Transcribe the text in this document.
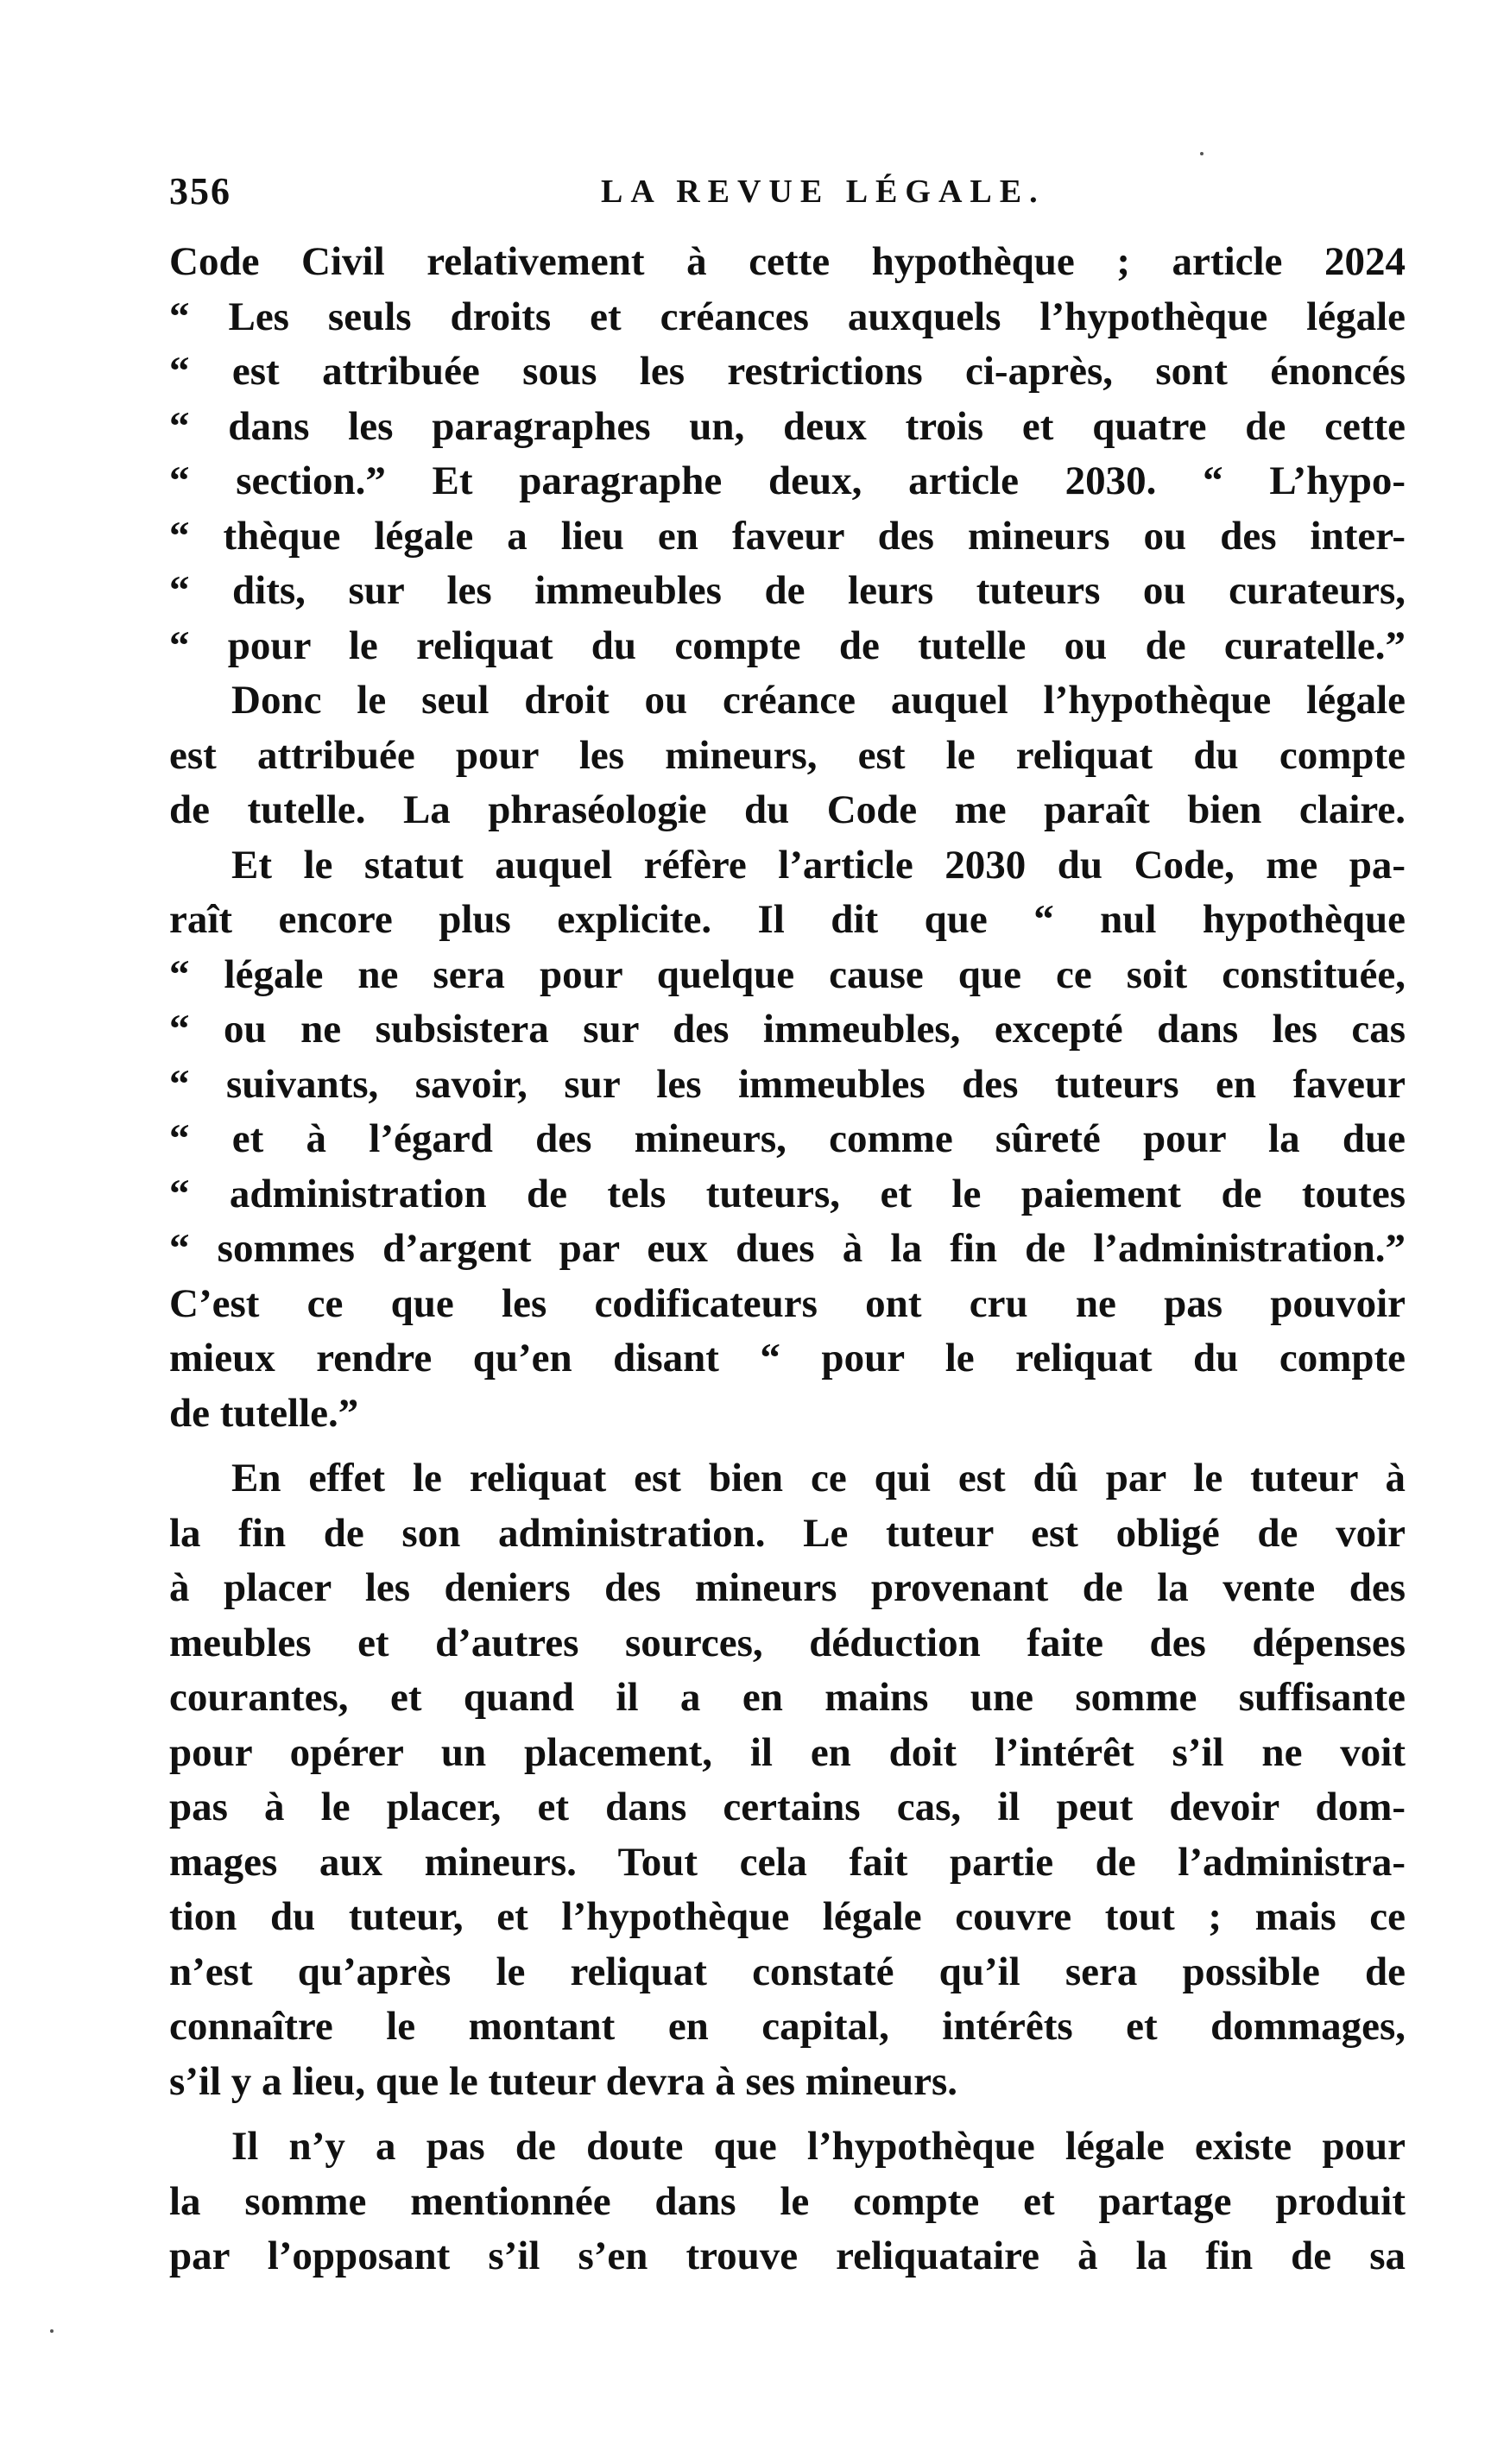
356	LA REVUE LÉGALE.
Code Civil relativement à cette hypothèque ; article 2024
“ Les seuls droits et créances auxquels l’hypothèque légale
“ est attribuée sous les restrictions ci-après, sont énoncés
“ dans les paragraphes un, deux trois et quatre de cette
“ section.” Et paragraphe deux, article 2030. “ L’hypo-
“ thèque légale a lieu en faveur des mineurs ou des inter-
“ dits, sur les immeubles de leurs tuteurs ou curateurs,
“ pour le reliquat du compte de tutelle ou de curatelle.”
Donc le seul droit ou créance auquel l’hypothèque légale
est attribuée pour les mineurs, est le reliquat du compte
de tutelle. La phraséologie du Code me paraît bien claire.
Et le statut auquel réfère l’article 2030 du Code, me pa-
raît encore plus explicite. Il dit que “ nul hypothèque
“ légale ne sera pour quelque cause que ce soit constituée,
“ ou ne subsistera sur des immeubles, excepté dans les cas
“ suivants, savoir, sur les immeubles des tuteurs en faveur
“ et à l’égard des mineurs, comme sûreté pour la due
“ administration de tels tuteurs, et le paiement de toutes
“ sommes d’argent par eux dues à la fin de l’administration.”
C’est ce que les codificateurs ont cru ne pas pouvoir
mieux rendre qu’en disant “ pour le reliquat du compte
de tutelle.”
En effet le reliquat est bien ce qui est dû par le tuteur à
la fin de son administration. Le tuteur est obligé de voir
à placer les deniers des mineurs provenant de la vente des
meubles et d’autres sources, déduction faite des dépenses
courantes, et quand il a en mains une somme suffisante
pour opérer un placement, il en doit l’intérêt s’il ne voit
pas à le placer, et dans certains cas, il peut devoir dom-
mages aux mineurs. Tout cela fait partie de l’administra-
tion du tuteur, et l’hypothèque légale couvre tout ; mais ce
n’est qu’après le reliquat constaté qu’il sera possible de
connaître le montant en capital, intérêts et dommages,
s’il y a lieu, que le tuteur devra à ses mineurs.
Il n’y a pas de doute que l’hypothèque légale existe pour
la somme mentionnée dans le compte et partage produit
par l’opposant s’il s’en trouve reliquataire à la fin de sa
